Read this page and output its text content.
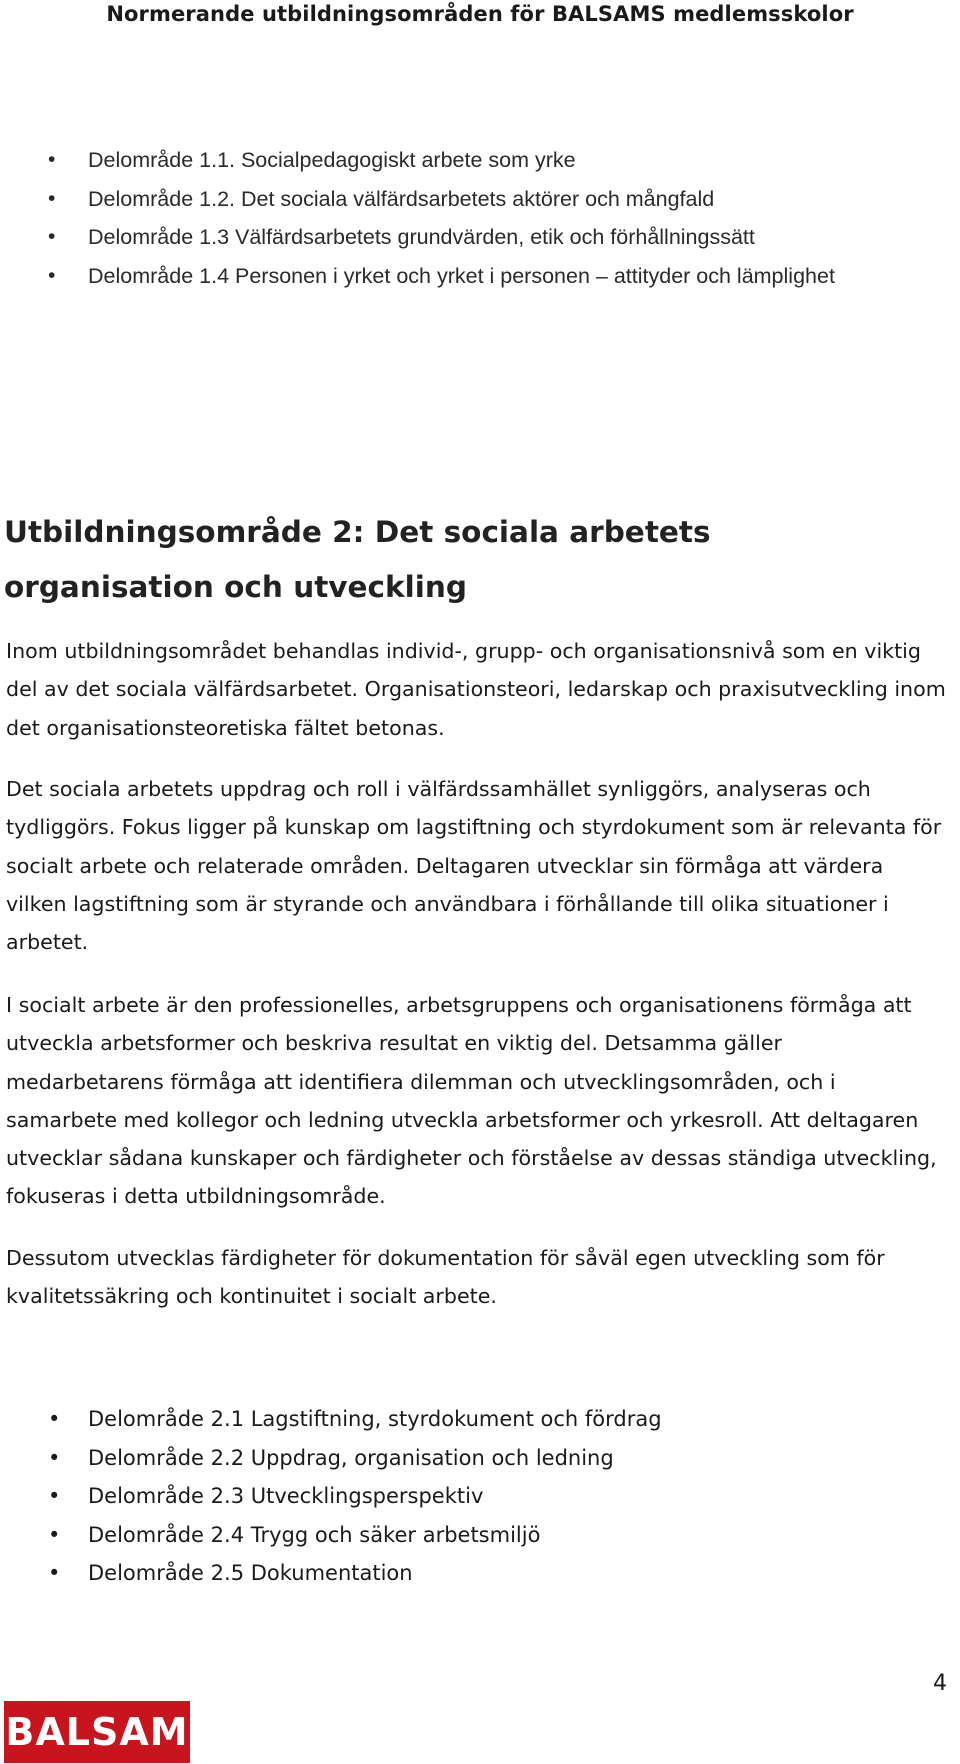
Normerande utbildningsområden för BALSAMS medlemsskolor
• Delområde 1.1. Socialpedagogiskt arbete som yrke
• Delområde 1.2. Det sociala välfärdsarbetets aktörer och mångfald
• Delområde 1.3 Välfärdsarbetets grundvärden, etik och förhållningssätt
• Delområde 1.4 Personen i yrket och yrket i personen – attityder och lämplighet
Utbildningsområde 2: Det sociala arbetets organisation och utveckling

Inom utbildningsområdet behandlas individ-, grupp- och organisationsnivå som en viktig del av det sociala välfärdsarbetet. Organisationsteori, ledarskap och praxisutveckling inom det organisationsteoretiska fältet betonas.

Det sociala arbetets uppdrag och roll i välfärdssamhället synliggörs, analyseras och tydliggörs. Fokus ligger på kunskap om lagstiftning och styrdokument som är relevanta för socialt arbete och relaterade områden. Deltagaren utvecklar sin förmåga att värdera vilken lagstiftning som är styrande och användbara i förhållande till olika situationer i arbetet.

I socialt arbete är den professionelles, arbetsgruppens och organisationens förmåga att utveckla arbetsformer och beskriva resultat en viktig del. Detsamma gäller medarbetarens förmåga att identifiera dilemman och utvecklingsområden, och i samarbete med kollegor och ledning utveckla arbetsformer och yrkesroll. Att deltagaren utvecklar sådana kunskaper och färdigheter och förståelse av dessas ständiga utveckling, fokuseras i detta utbildningsområde.

Dessutom utvecklas färdigheter för dokumentation för såväl egen utveckling som för kvalitetssäkring och kontinuitet i socialt arbete.

• Delområde 2.1 Lagstiftning, styrdokument och fördrag
• Delområde 2.2 Uppdrag, organisation och ledning
• Delområde 2.3 Utvecklingsperspektiv
• Delområde 2.4 Trygg och säker arbetsmiljö
• Delområde 2.5 Dokumentation
4
BALSAM
